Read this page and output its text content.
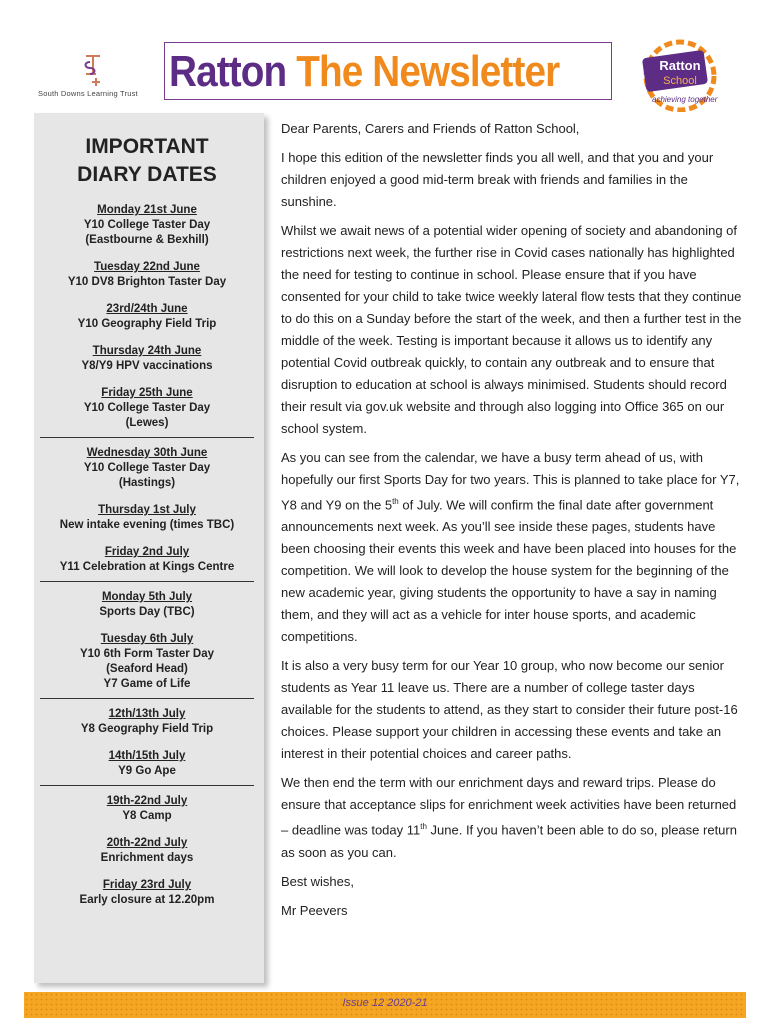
South Downs Learning Trust Ratton The Newsletter	Ratton
School
achieving together
IMPORTANT
DIARY DATES
Monday 21st June
Y10 College Taster Day
(Eastbourne & Bexhill)
Tuesday 22nd June
Y10 DV8 Brighton Taster Day
23rd/24th June
Y10 Geography Field Trip
Thursday 24th June
Y8/Y9 HPV vaccinations
Friday 25th June
Y10 College Taster Day
(Lewes)
Wednesday 30th June
Y10 College Taster Day
(Hastings)
Thursday 1st July
New intake evening (times TBC)
Friday 2nd July
Y11 Celebration at Kings Centre
Monday 5th July
Sports Day (TBC)
Tuesday 6th July
Y10 6th Form Taster Day
(Seaford Head)
Y7 Game of Life
12th/13th July
Y8 Geography Field Trip
14th/15th July
Y9 Go Ape
19th-22nd July
Y8 Camp
20th-22nd July
Enrichment days
Friday 23rd July
Early closure at 12.20pm

Dear Parents, Carers and Friends of Ratton School,

I hope this edition of the newsletter finds you all well, and that you and your children enjoyed a good mid-term break with friends and families in the sunshine.

Whilst we await news of a potential wider opening of society and abandoning of restrictions next week, the further rise in Covid cases nationally has highlighted the need for testing to continue in school. Please ensure that if you have consented for your child to take twice weekly lateral flow tests that they continue to do this on a Sunday before the start of the week, and then a further test in the middle of the week. Testing is important because it allows us to identify any potential Covid outbreak quickly, to contain any outbreak and to ensure that disruption to education at school is always minimised. Students should record their result via gov.uk website and through also logging into Office 365 on our school system.

As you can see from the calendar, we have a busy term ahead of us, with hopefully our first Sports Day for two years. This is planned to take place for Y7, Y8 and Y9 on the 5th of July. We will confirm the final date after government announcements next week. As you’ll see inside these pages, students have been choosing their events this week and have been placed into houses for the competition. We will look to develop the house system for the beginning of the new academic year, giving students the opportunity to have a say in naming them, and they will act as a vehicle for inter house sports, and academic competitions.

It is also a very busy term for our Year 10 group, who now become our senior students as Year 11 leave us. There are a number of college taster days available for the students to attend, as they start to consider their future post-16 choices. Please support your children in accessing these events and take an interest in their potential choices and career paths.

We then end the term with our enrichment days and reward trips. Please do ensure that acceptance slips for enrichment week activities have been returned – deadline was today 11th June. If you haven’t been able to do so, please return as soon as you can.

Best wishes,

Mr Peevers

Issue 12 2020-21
